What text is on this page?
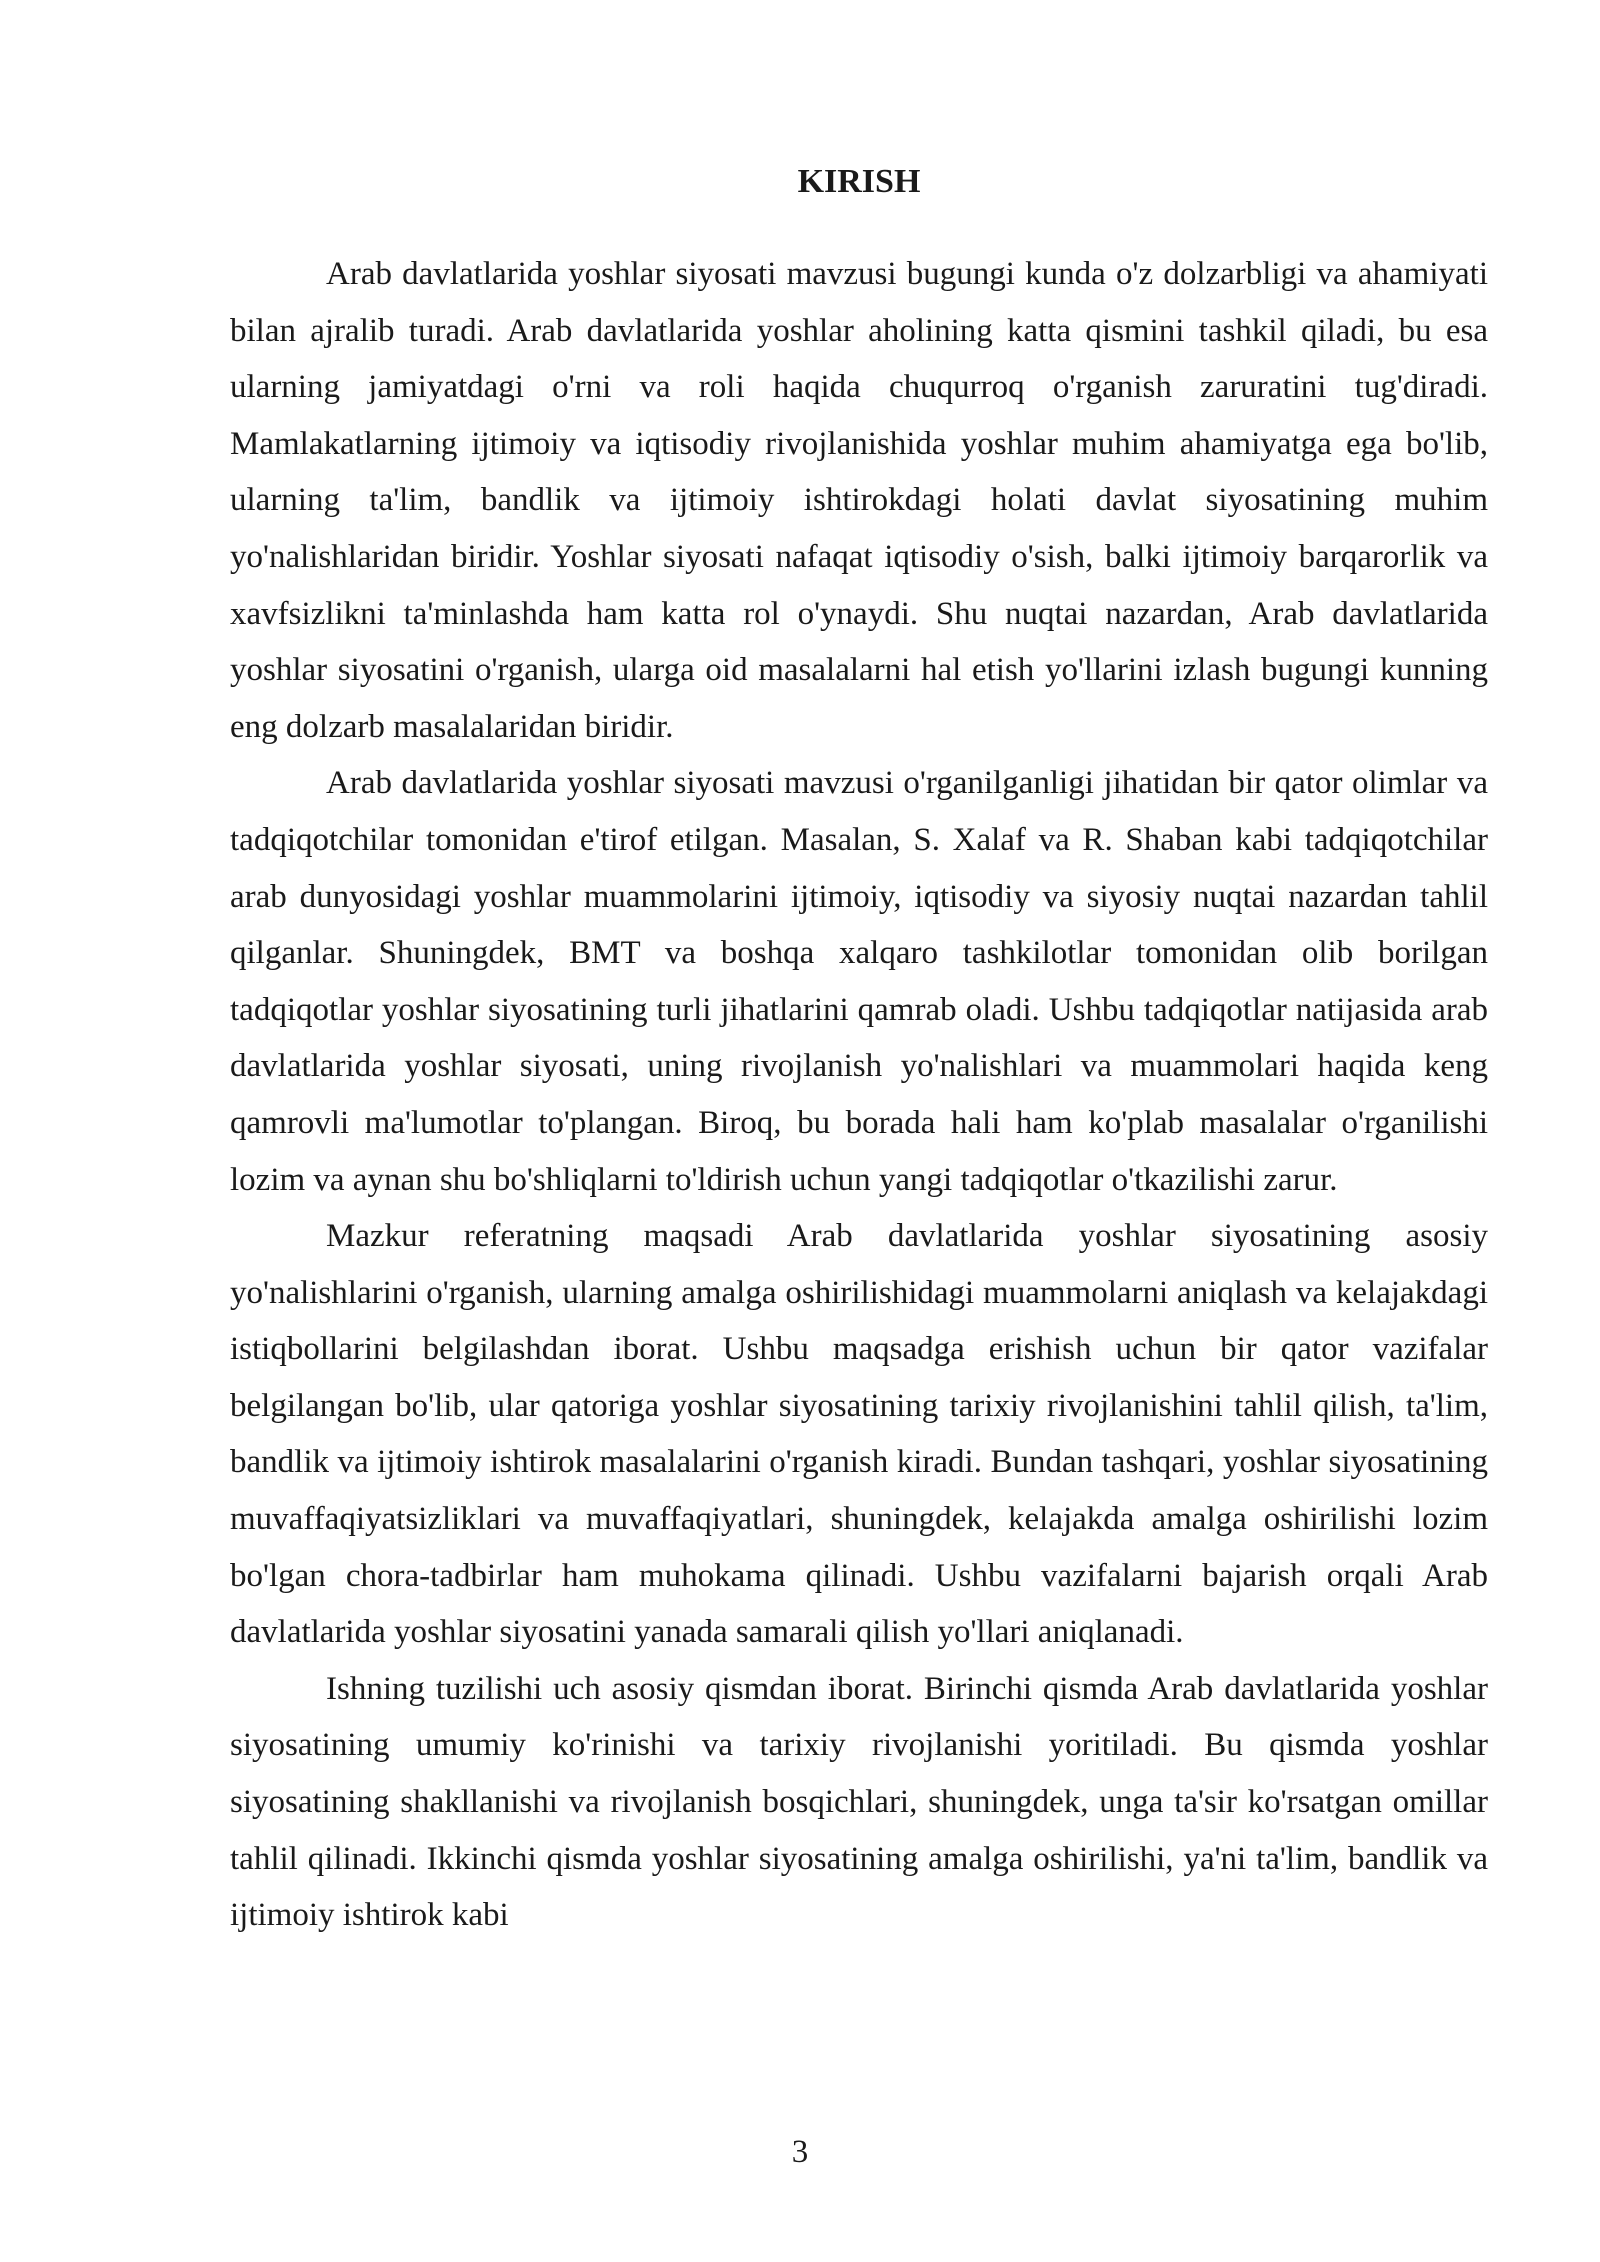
KIRISH

Arab davlatlarida yoshlar siyosati mavzusi bugungi kunda o'z dolzarbligi va ahamiyati bilan ajralib turadi. Arab davlatlarida yoshlar aholining katta qismini tashkil qiladi, bu esa ularning jamiyatdagi o'rni va roli haqida chuqurroq o'rganish zaruratini tug'diradi. Mamlakatlarning ijtimoiy va iqtisodiy rivojlanishida yoshlar muhim ahamiyatga ega bo'lib, ularning ta'lim, bandlik va ijtimoiy ishtirokdagi holati davlat siyosatining muhim yo'nalishlaridan biridir. Yoshlar siyosati nafaqat iqtisodiy o'sish, balki ijtimoiy barqarorlik va xavfsizlikni ta'minlashda ham katta rol o'ynaydi. Shu nuqtai nazardan, Arab davlatlarida yoshlar siyosatini o'rganish, ularga oid masalalarni hal etish yo'llarini izlash bugungi kunning eng dolzarb masalalaridan biridir.

Arab davlatlarida yoshlar siyosati mavzusi o'rganilganligi jihatidan bir qator olimlar va tadqiqotchilar tomonidan e'tirof etilgan. Masalan, S. Xalaf va R. Shaban kabi tadqiqotchilar arab dunyosidagi yoshlar muammolarini ijtimoiy, iqtisodiy va siyosiy nuqtai nazardan tahlil qilganlar. Shuningdek, BMT va boshqa xalqaro tashkilotlar tomonidan olib borilgan tadqiqotlar yoshlar siyosatining turli jihatlarini qamrab oladi. Ushbu tadqiqotlar natijasida arab davlatlarida yoshlar siyosati, uning rivojlanish yo'nalishlari va muammolari haqida keng qamrovli ma'lumotlar to'plangan. Biroq, bu borada hali ham ko'plab masalalar o'rganilishi lozim va aynan shu bo'shliqlarni to'ldirish uchun yangi tadqiqotlar o'tkazilishi zarur.

Mazkur referatning maqsadi Arab davlatlarida yoshlar siyosatining asosiy yo'nalishlarini o'rganish, ularning amalga oshirilishidagi muammolarni aniqlash va kelajakdagi istiqbollarini belgilashdan iborat. Ushbu maqsadga erishish uchun bir qator vazifalar belgilangan bo'lib, ular qatoriga yoshlar siyosatining tarixiy rivojlanishini tahlil qilish, ta'lim, bandlik va ijtimoiy ishtirok masalalarini o'rganish kiradi. Bundan tashqari, yoshlar siyosatining muvaffaqiyatsizliklari va muvaffaqiyatlari, shuningdek, kelajakda amalga oshirilishi lozim bo'lgan chora-tadbirlar ham muhokama qilinadi. Ushbu vazifalarni bajarish orqali Arab davlatlarida yoshlar siyosatini yanada samarali qilish yo'llari aniqlanadi.

Ishning tuzilishi uch asosiy qismdan iborat. Birinchi qismda Arab davlatlarida yoshlar siyosatining umumiy ko'rinishi va tarixiy rivojlanishi yoritiladi. Bu qismda yoshlar siyosatining shakllanishi va rivojlanish bosqichlari, shuningdek, unga ta'sir ko'rsatgan omillar tahlil qilinadi. Ikkinchi qismda yoshlar siyosatining amalga oshirilishi, ya'ni ta'lim, bandlik va ijtimoiy ishtirok kabi

3
